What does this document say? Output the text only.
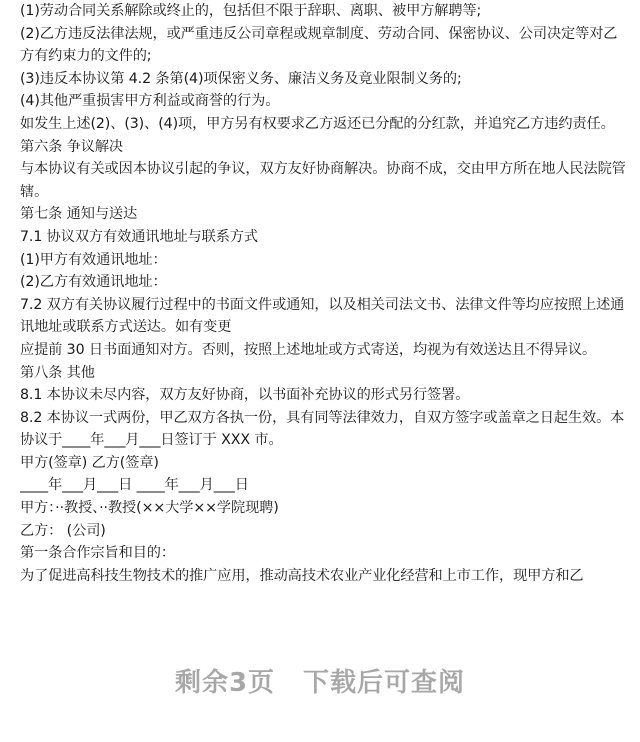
(1)劳动合同关系解除或终止的，包括但不限于辞职、离职、被甲方解聘等;
(2)乙方违反法律法规，或严重违反公司章程或规章制度、劳动合同、保密协议、公司决定等对乙方有约束力的文件的;
(3)违反本协议第 4.2 条第(4)项保密义务、廉洁义务及竟业限制义务的;
(4)其他严重损害甲方利益或商誉的行为。
如发生上述(2)、(3)、(4)项，甲方另有权要求乙方返还已分配的分红款，并追究乙方违约责任。
第六条 争议解决
与本协议有关或因本协议引起的争议，双方友好协商解决。协商不成，交由甲方所在地人民法院管辖。
第七条 通知与送达
7.1 协议双方有效通讯地址与联系方式
(1)甲方有效通讯地址：
(2)乙方有效通讯地址：
7.2 双方有关协议履行过程中的书面文件或通知，以及相关司法文书、法律文件等均应按照上述通讯地址或联系方式送达。如有变更
应提前 30 日书面通知对方。否则，按照上述地址或方式寄送，均视为有效送达且不得异议。
第八条 其他
8.1 本协议未尽内容，双方友好协商，以书面补充协议的形式另行签署。
8.2 本协议一式两份，甲乙双方各执一份，具有同等法律效力，自双方签字或盖章之日起生效。本协议于____年___月___日签订于 XXX 市。
甲方(签章) 乙方(签章)
____年___月___日 ____年___月___日
甲方：··教授、··教授(××大学××学院现聘)
乙方： (公司)
第一条合作宗旨和目的：
为了促进高科技生物技术的推广应用，推动高技术农业产业化经营和上市工作，现甲方和乙
剩余3页 下载后可查阅
